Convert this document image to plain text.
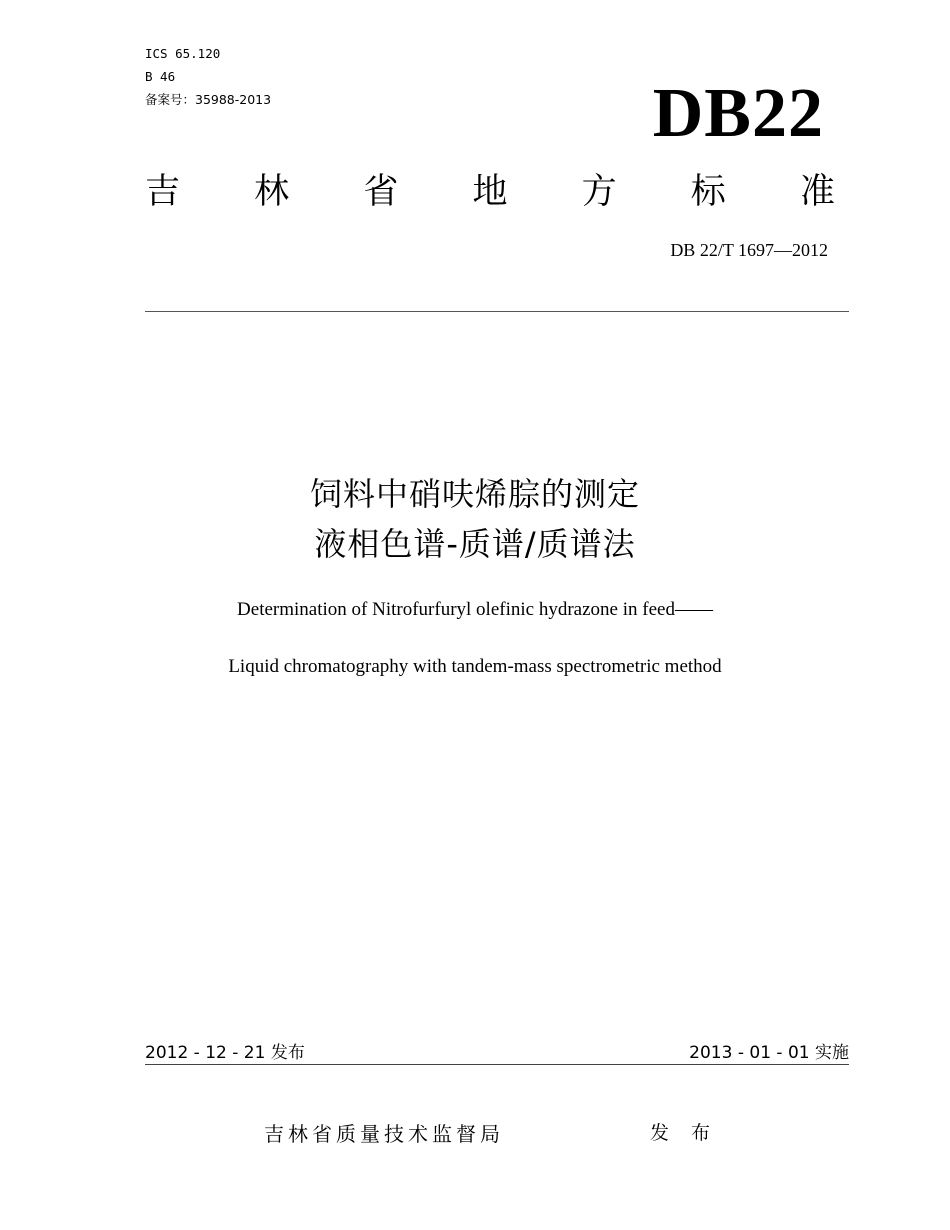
ICS 65.120
B 46
备案号：35988-2013	DB22
吉 林 省 地 方 标 准
DB 22/T 1697—2012
饲料中硝呋烯腙的测定
液相色谱-质谱/质谱法
Determination of Nitrofurfuryl olefinic hydrazone in feed——
Liquid chromatography with tandem-mass spectrometric method
2012 - 12 - 21 发布	2013 - 01 - 01 实施
吉林省质量技术监督局	发 布
